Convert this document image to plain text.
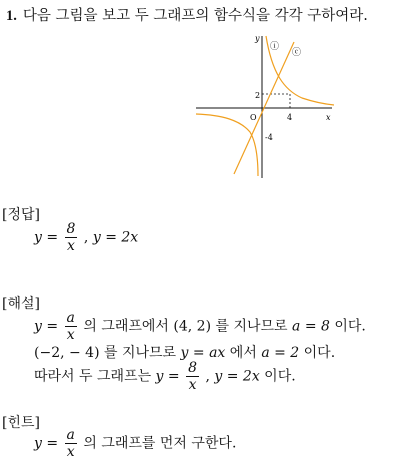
1. 다음 그림을 보고 두 그래프의 함수식을 각각 구하여라.
y
x
O	4
2
-4
ⓘ
ⓒ
[정답]
$y = \frac{8}{x}$ , y = 2x
[해설]
$y = \frac{a}{x}$ 의 그래프에서 (4, 2) 를 지나므로 a = 8 이다.
(−2, − 4) 를 지나므로 y = ax 에서 a = 2 이다.
따라서 두 그래프는 $y = \frac{8}{x}$ , y = 2x 이다.
[힌트]
$y = \frac{a}{x}$ 의 그래프를 먼저 구한다.
